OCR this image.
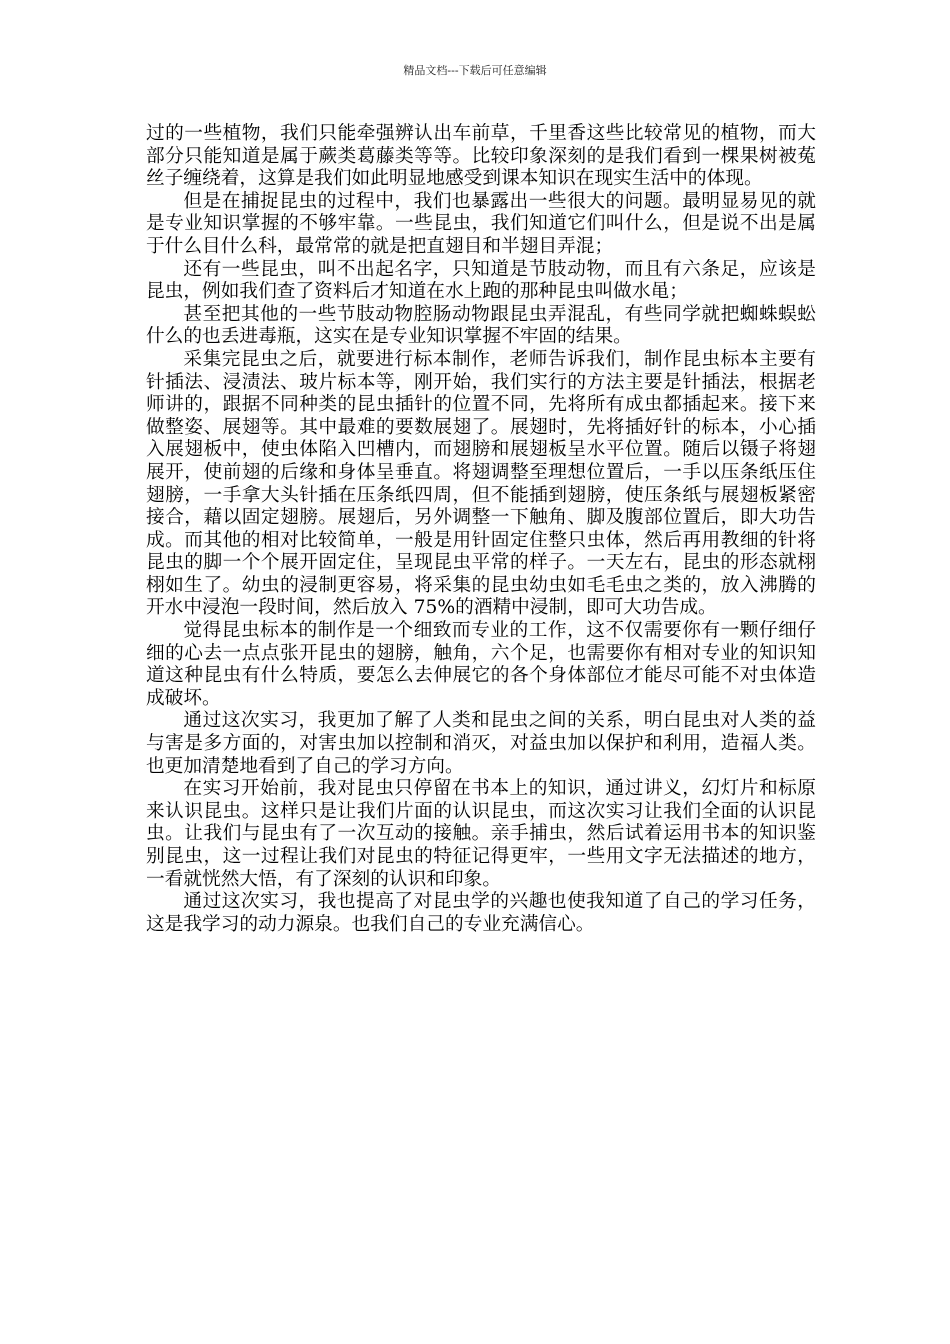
精品文档---下载后可任意编辑

过的一些植物，我们只能牵强辨认出车前草，千里香这些比较常见的植物，而大部分只能知道是属于蕨类葛藤类等等。比较印象深刻的是我们看到一棵果树被菟丝子缠绕着，这算是我们如此明显地感受到课本知识在现实生活中的体现。

但是在捕捉昆虫的过程中，我们也暴露出一些很大的问题。最明显易见的就是专业知识掌握的不够牢靠。一些昆虫，我们知道它们叫什么，但是说不出是属于什么目什么科，最常常的就是把直翅目和半翅目弄混；

还有一些昆虫，叫不出起名字，只知道是节肢动物，而且有六条足，应该是昆虫，例如我们查了资料后才知道在水上跑的那种昆虫叫做水黾；

甚至把其他的一些节肢动物腔肠动物跟昆虫弄混乱，有些同学就把蜘蛛蜈蚣什么的也丢进毒瓶，这实在是专业知识掌握不牢固的结果。

采集完昆虫之后，就要进行标本制作，老师告诉我们，制作昆虫标本主要有针插法、浸渍法、玻片标本等，刚开始，我们实行的方法主要是针插法，根据老师讲的，跟据不同种类的昆虫插针的位置不同，先将所有成虫都插起来。接下来做整姿、展翅等。其中最难的要数展翅了。展翅时，先将插好针的标本，小心插入展翅板中，使虫体陷入凹槽内，而翅膀和展翅板呈水平位置。随后以镊子将翅展开，使前翅的后缘和身体呈垂直。将翅调整至理想位置后，一手以压条纸压住翅膀，一手拿大头针插在压条纸四周，但不能插到翅膀，使压条纸与展翅板紧密接合，藉以固定翅膀。展翅后，另外调整一下触角、脚及腹部位置后，即大功告成。而其他的相对比较简单，一般是用针固定住整只虫体，然后再用教细的针将昆虫的脚一个个展开固定住，呈现昆虫平常的样子。一天左右，昆虫的形态就栩栩如生了。幼虫的浸制更容易，将采集的昆虫幼虫如毛毛虫之类的，放入沸腾的开水中浸泡一段时间，然后放入 75%的酒精中浸制，即可大功告成。

觉得昆虫标本的制作是一个细致而专业的工作，这不仅需要你有一颗仔细仔细的心去一点点张开昆虫的翅膀，触角，六个足，也需要你有相对专业的知识知道这种昆虫有什么特质，要怎么去伸展它的各个身体部位才能尽可能不对虫体造成破坏。

通过这次实习，我更加了解了人类和昆虫之间的关系，明白昆虫对人类的益与害是多方面的，对害虫加以控制和消灭，对益虫加以保护和利用，造福人类。也更加清楚地看到了自己的学习方向。

在实习开始前，我对昆虫只停留在书本上的知识，通过讲义，幻灯片和标原来认识昆虫。这样只是让我们片面的认识昆虫，而这次实习让我们全面的认识昆虫。让我们与昆虫有了一次互动的接触。亲手捕虫，然后试着运用书本的知识鉴别昆虫，这一过程让我们对昆虫的特征记得更牢，一些用文字无法描述的地方，一看就恍然大悟，有了深刻的认识和印象。

通过这次实习，我也提高了对昆虫学的兴趣也使我知道了自己的学习任务，这是我学习的动力源泉。也我们自己的专业充满信心。
